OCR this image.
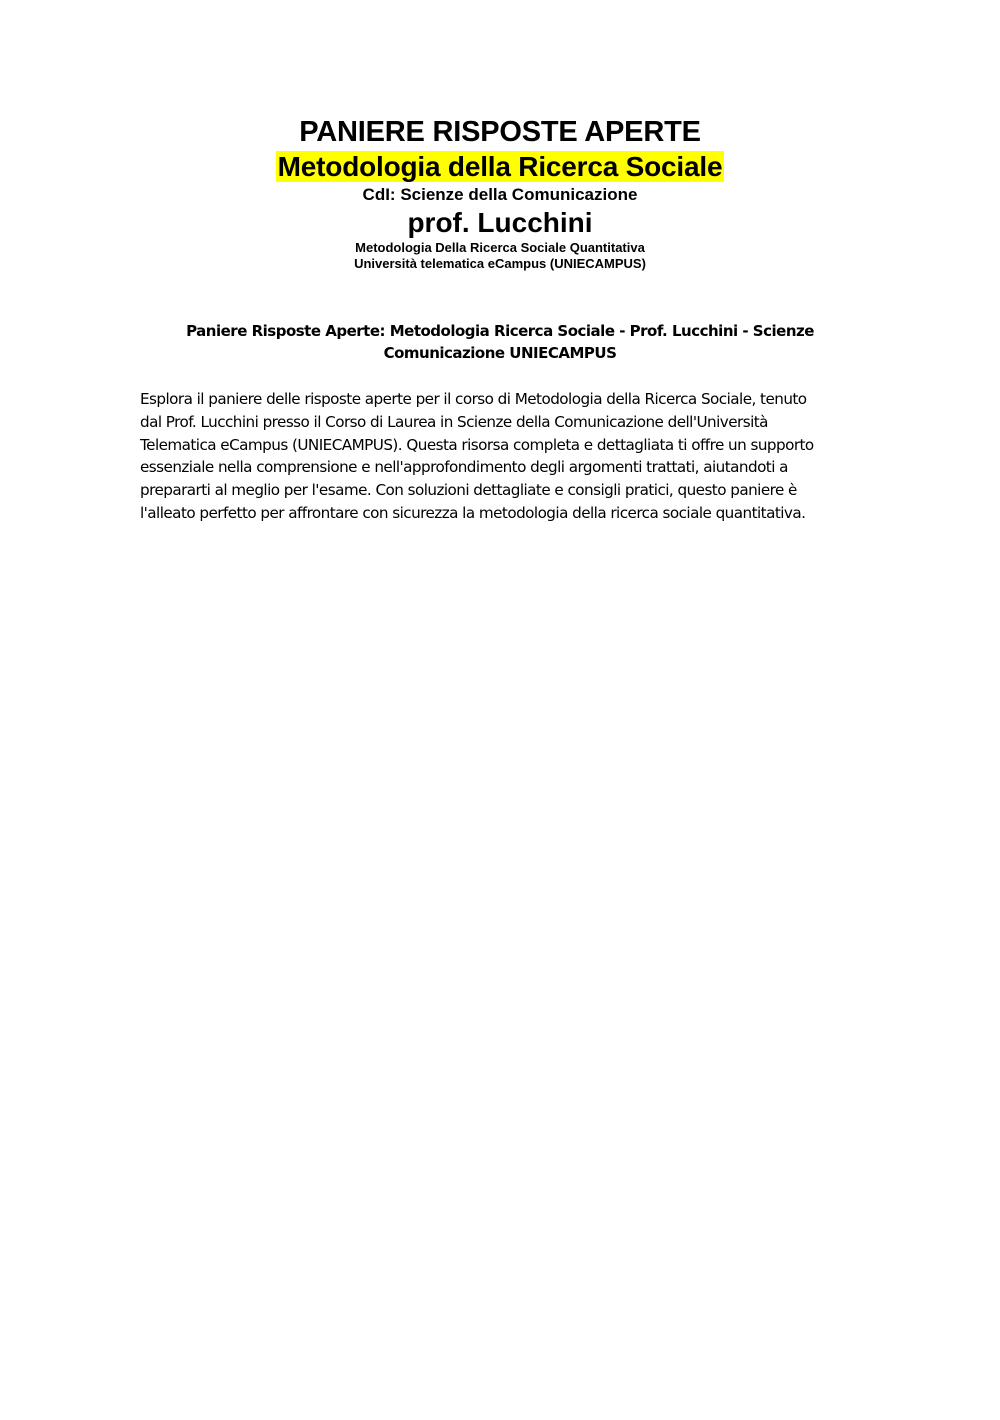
PANIERE RISPOSTE APERTE
Metodologia della Ricerca Sociale
CdI: Scienze della Comunicazione
prof. Lucchini
Metodologia Della Ricerca Sociale Quantitativa
Università telematica eCampus (UNIECAMPUS)
Paniere Risposte Aperte: Metodologia Ricerca Sociale - Prof. Lucchini - Scienze
Comunicazione UNIECAMPUS
Esplora il paniere delle risposte aperte per il corso di Metodologia della Ricerca Sociale, tenuto
dal Prof. Lucchini presso il Corso di Laurea in Scienze della Comunicazione dell'Università
Telematica eCampus (UNIECAMPUS). Questa risorsa completa e dettagliata ti offre un supporto
essenziale nella comprensione e nell'approfondimento degli argomenti trattati, aiutandoti a
prepararti al meglio per l'esame. Con soluzioni dettagliate e consigli pratici, questo paniere è
l'alleato perfetto per affrontare con sicurezza la metodologia della ricerca sociale quantitativa.
